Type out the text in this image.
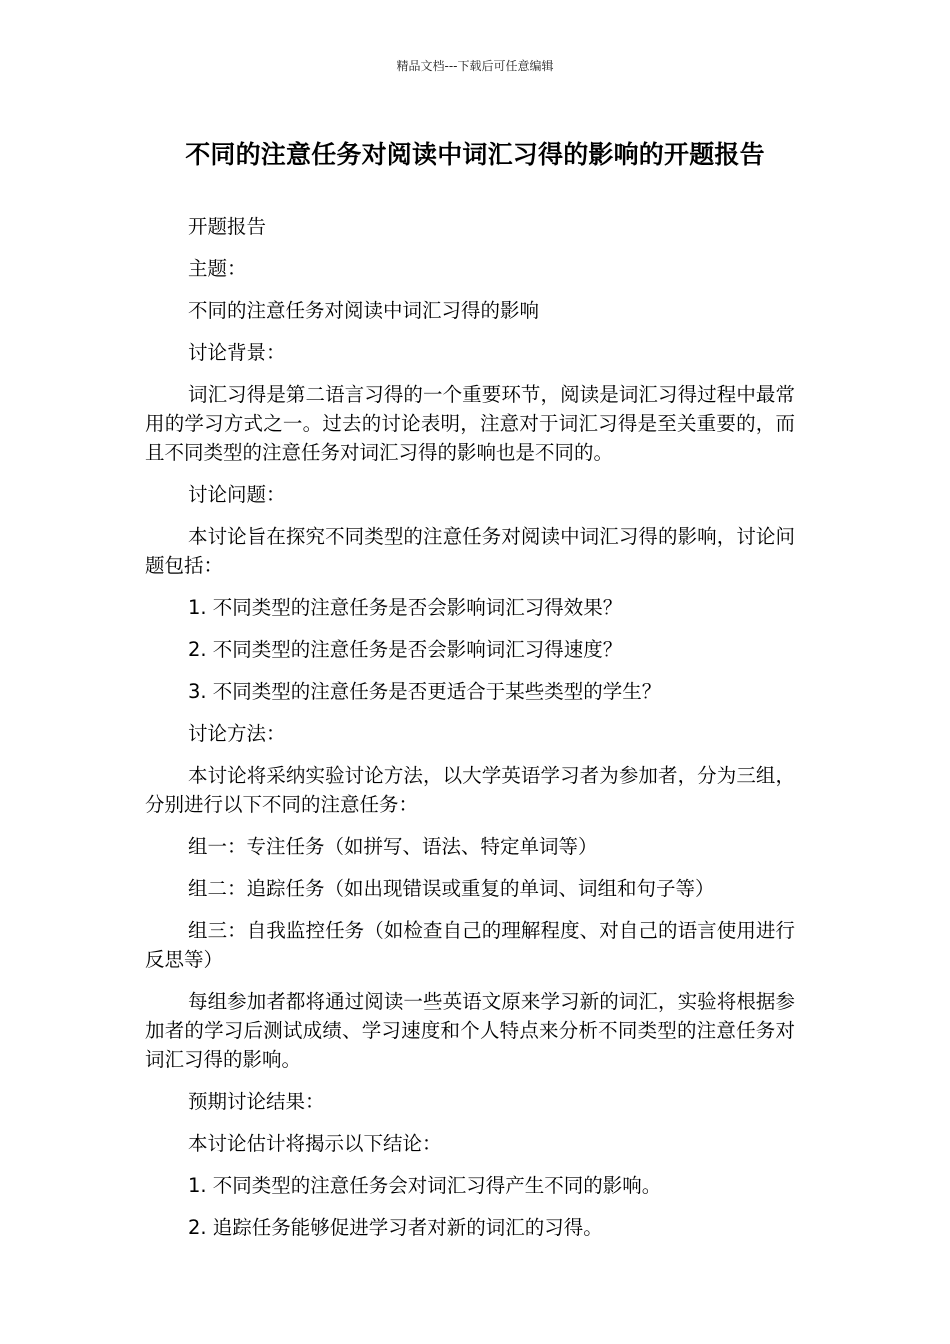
精品文档---下载后可任意编辑
不同的注意任务对阅读中词汇习得的影响的开题报告

开题报告

主题：

不同的注意任务对阅读中词汇习得的影响

讨论背景：

词汇习得是第二语言习得的一个重要环节，阅读是词汇习得过程中最常用的学习方式之一。过去的讨论表明，注意对于词汇习得是至关重要的，而且不同类型的注意任务对词汇习得的影响也是不同的。

讨论问题：

本讨论旨在探究不同类型的注意任务对阅读中词汇习得的影响，讨论问题包括：

1. 不同类型的注意任务是否会影响词汇习得效果？

2. 不同类型的注意任务是否会影响词汇习得速度？

3. 不同类型的注意任务是否更适合于某些类型的学生？

讨论方法：

本讨论将采纳实验讨论方法，以大学英语学习者为参加者，分为三组，分别进行以下不同的注意任务：

组一：专注任务（如拼写、语法、特定单词等）

组二：追踪任务（如出现错误或重复的单词、词组和句子等）

组三：自我监控任务（如检查自己的理解程度、对自己的语言使用进行反思等）

每组参加者都将通过阅读一些英语文原来学习新的词汇，实验将根据参加者的学习后测试成绩、学习速度和个人特点来分析不同类型的注意任务对词汇习得的影响。

预期讨论结果：

本讨论估计将揭示以下结论：

1. 不同类型的注意任务会对词汇习得产生不同的影响。

2. 追踪任务能够促进学习者对新的词汇的习得。
